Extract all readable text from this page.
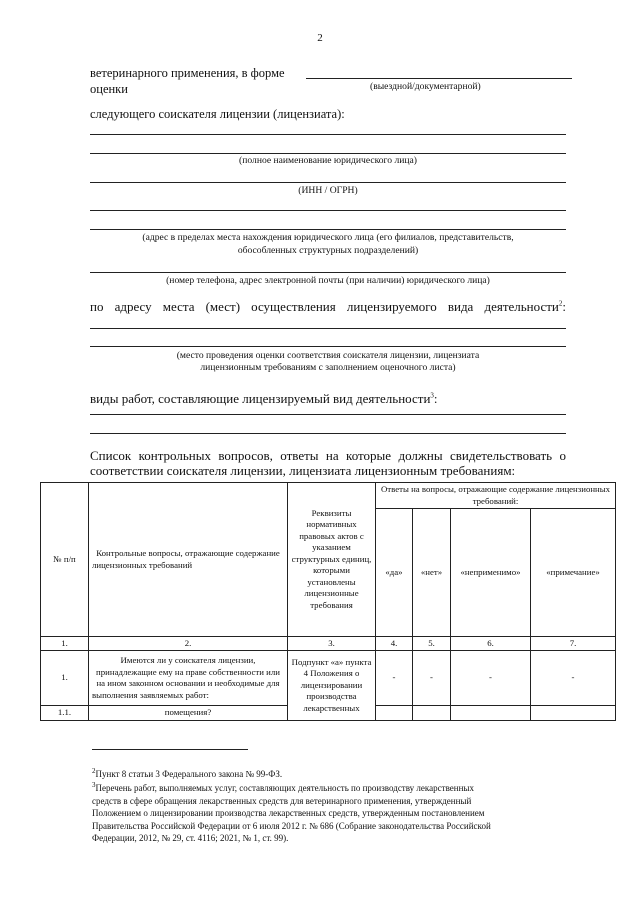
2
ветеринарного применения, в форме
(выездной/документарной)
оценки
следующего соискателя лицензии (лицензиата):
(полное наименование юридического лица)
(ИНН / ОГРН)
(адрес в пределах места нахождения юридического лица (его филиалов, представительств,
обособленных структурных подразделений)
(номер телефона, адрес электронной почты (при наличии) юридического лица)
по адресу места (мест) осуществления лицензируемого вида деятельности$^2$:
(место проведения оценки соответствия соискателя лицензии, лицензиата
лицензионным требованиям с заполнением оценочного листа)
виды работ, составляющие лицензируемый вид деятельности$^3$:
Список контрольных вопросов, ответы на которые должны свидетельствовать о
соответствии соискателя лицензии, лицензиата лицензионным требованиям:
№ п/п	Контрольные вопросы, отражающие содержание лицензионных требований	Реквизиты нормативных правовых актов с указанием структурных единиц, которыми установлены лицензионные требования	Ответы на вопросы, отражающие содержание лицензионных требований:			
			«да»	«нет»	«неприменимо»	«примечание»
1.	2.	3.	4.	5.	6.	7.
1.	Имеются ли у соискателя лицензии, принадлежащие ему на праве собственности или на ином законном основании и необходимые для выполнения заявляемых работ:	Подпункт «а» пункта 4 Положения о лицензировании производства лекарственных	-	-	-	-
1.1.	помещения?					
$^2$Пункт 8 статьи 3 Федерального закона № 99-ФЗ.
$^3$Перечень работ, выполняемых услуг, составляющих деятельность по производству лекарственных
средств в сфере обращения лекарственных средств для ветеринарного применения, утвержденный
Положением о лицензировании производства лекарственных средств, утвержденным постановлением
Правительства Российской Федерации от 6 июля 2012 г. № 686 (Собрание законодательства Российской
Федерации, 2012, № 29, ст. 4116; 2021, № 1, ст. 99).
